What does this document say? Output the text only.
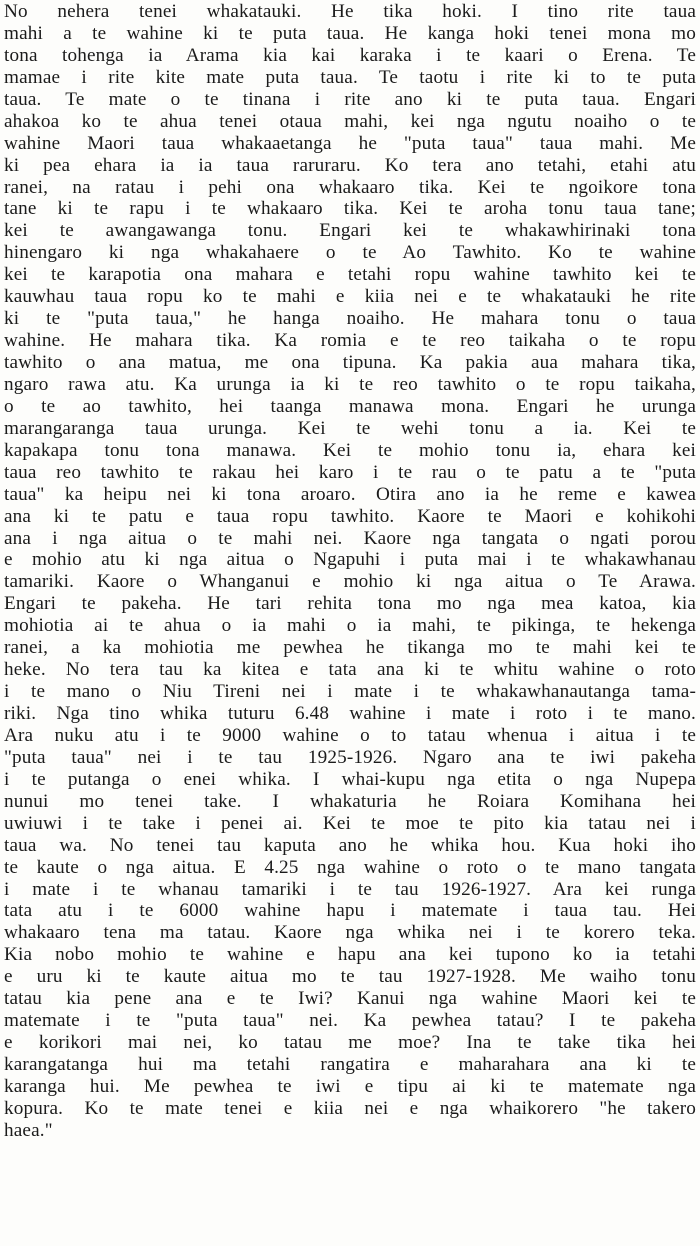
No nehera tenei whakatauki. He tika hoki. I tino rite taua
mahi a te wahine ki te puta taua. He kanga hoki tenei mona mo
tona tohenga ia Arama kia kai karaka i te kaari o Erena. Te
mamae i rite kite mate puta taua. Te taotu i rite ki to te puta
taua. Te mate o te tinana i rite ano ki te puta taua. Engari
ahakoa ko te ahua tenei otaua mahi, kei nga ngutu noaiho o te
wahine Maori taua whakaaetanga he "puta taua" taua mahi. Me
ki pea ehara ia ia taua raruraru. Ko tera ano tetahi, etahi atu
ranei, na ratau i pehi ona whakaaro tika. Kei te ngoikore tona
tane ki te rapu i te whakaaro tika. Kei te aroha tonu taua tane;
kei te awangawanga tonu. Engari kei te whakawhirinaki tona
hinengaro ki nga whakahaere o te Ao Tawhito. Ko te wahine
kei te karapotia ona mahara e tetahi ropu wahine tawhito kei te
kauwhau taua ropu ko te mahi e kiia nei e te whakatauki he rite
ki te "puta taua," he hanga noaiho. He mahara tonu o taua
wahine. He mahara tika. Ka romia e te reo taikaha o te ropu
tawhito o ana matua, me ona tipuna. Ka pakia aua mahara tika,
ngaro rawa atu. Ka urunga ia ki te reo tawhito o te ropu taikaha,
o te ao tawhito, hei taanga manawa mona. Engari he urunga
marangaranga taua urunga. Kei te wehi tonu a ia. Kei te
kapakapa tonu tona manawa. Kei te mohio tonu ia, ehara kei
taua reo tawhito te rakau hei karo i te rau o te patu a te "puta
taua" ka heipu nei ki tona aroaro. Otira ano ia he reme e kawea
ana ki te patu e taua ropu tawhito. Kaore te Maori e kohikohi
ana i nga aitua o te mahi nei. Kaore nga tangata o ngati porou
e mohio atu ki nga aitua o Ngapuhi i puta mai i te whakawhanau
tamariki. Kaore o Whanganui e mohio ki nga aitua o Te Arawa.
Engari te pakeha. He tari rehita tona mo nga mea katoa, kia
mohiotia ai te ahua o ia mahi o ia mahi, te pikinga, te hekenga
ranei, a ka mohiotia me pewhea he tikanga mo te mahi kei te
heke. No tera tau ka kitea e tata ana ki te whitu wahine o roto
i te mano o Niu Tireni nei i mate i te whakawhanautanga tama-
riki. Nga tino whika tuturu 6.48 wahine i mate i roto i te mano.
Ara nuku atu i te 9000 wahine o to tatau whenua i aitua i te
"puta taua" nei i te tau 1925-1926. Ngaro ana te iwi pakeha
i te putanga o enei whika. I whai-kupu nga etita o nga Nupepa
nunui mo tenei take. I whakaturia he Roiara Komihana hei
uwiuwi i te take i penei ai. Kei te moe te pito kia tatau nei i
taua wa. No tenei tau kaputa ano he whika hou. Kua hoki iho
te kaute o nga aitua. E 4.25 nga wahine o roto o te mano tangata
i mate i te whanau tamariki i te tau 1926-1927. Ara kei runga
tata atu i te 6000 wahine hapu i matemate i taua tau. Hei
whakaaro tena ma tatau. Kaore nga whika nei i te korero teka.
Kia nobo mohio te wahine e hapu ana kei tupono ko ia tetahi
e uru ki te kaute aitua mo te tau 1927-1928. Me waiho tonu
tatau kia pene ana e te Iwi? Kanui nga wahine Maori kei te
matemate i te "puta taua" nei. Ka pewhea tatau? I te pakeha
e korikori mai nei, ko tatau me moe? Ina te take tika hei
karangatanga hui ma tetahi rangatira e maharahara ana ki te
karanga hui. Me pewhea te iwi e tipu ai ki te matemate nga
kopura. Ko te mate tenei e kiia nei e nga whaikorero "he takero
haea."
